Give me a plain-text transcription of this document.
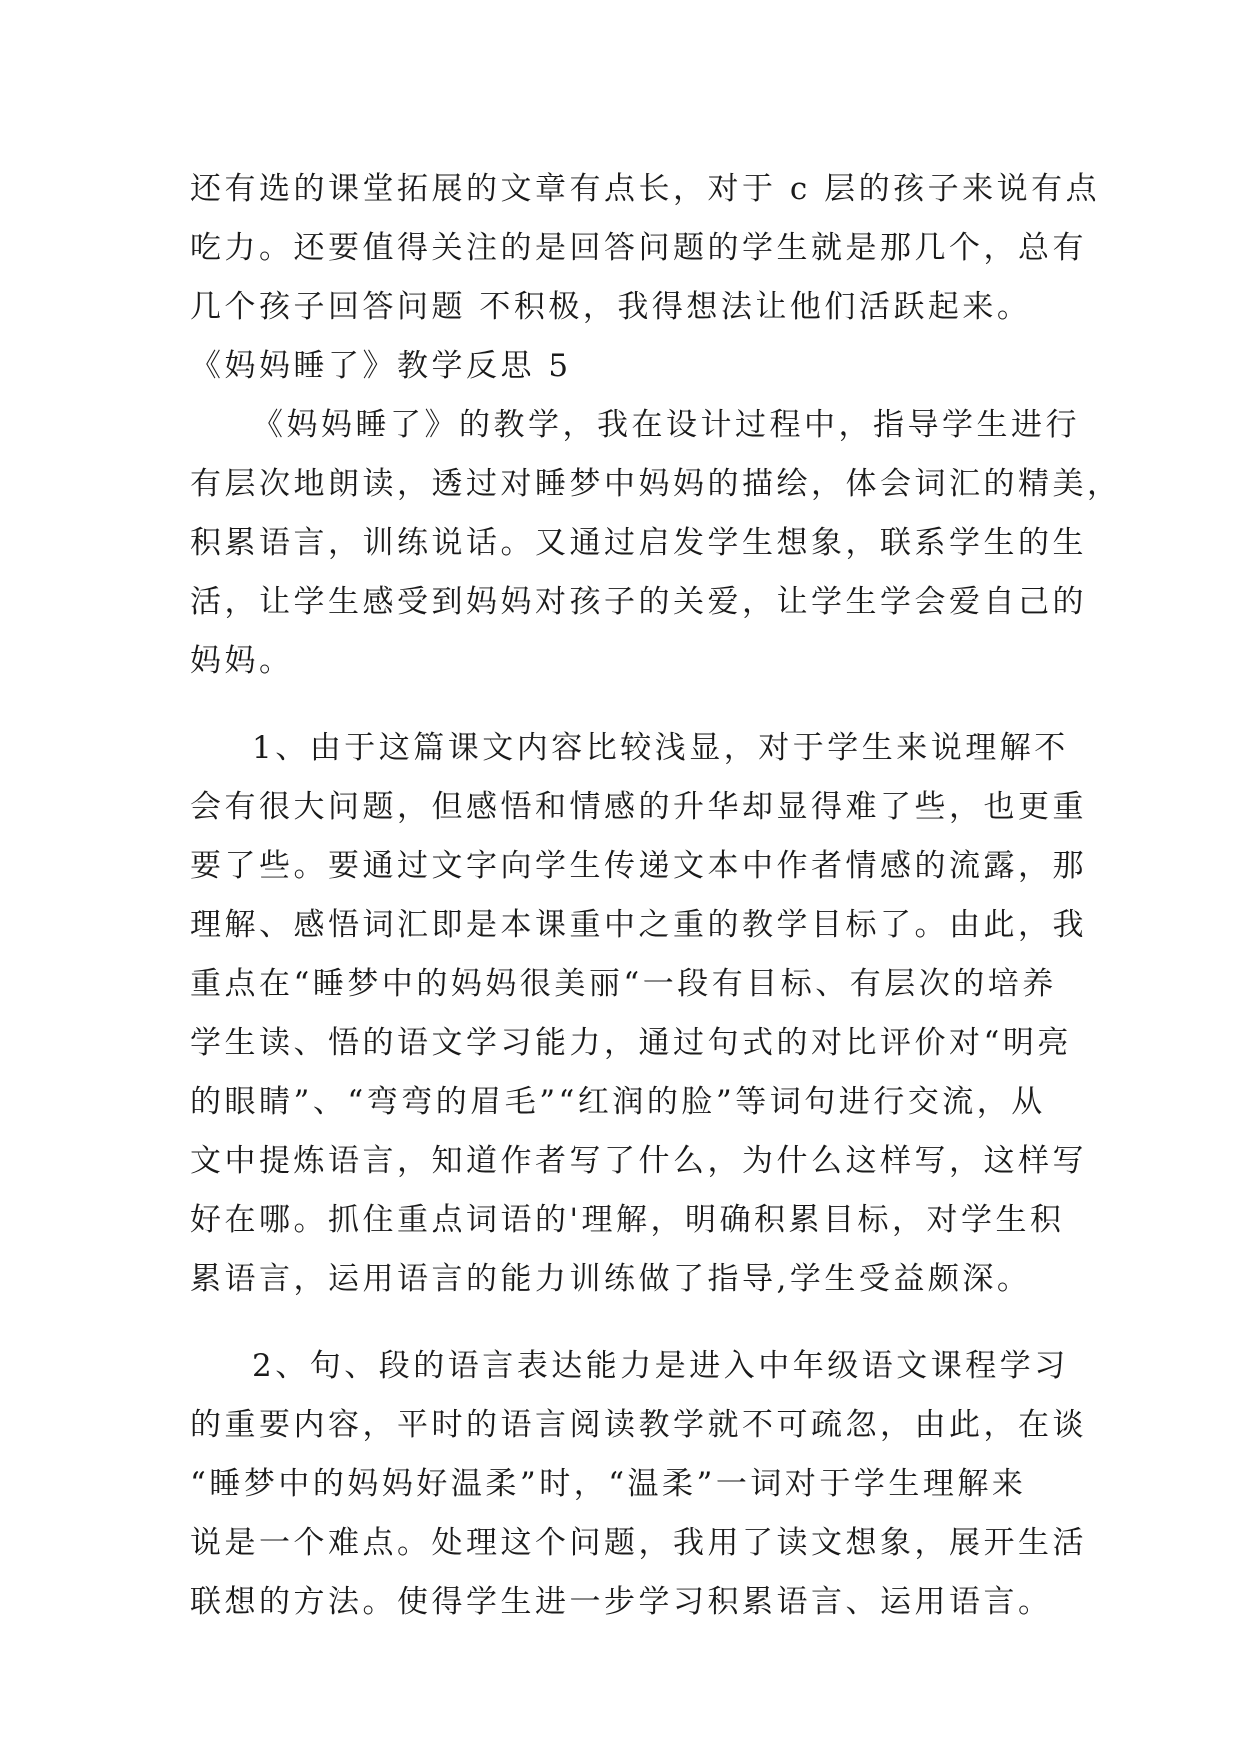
还有选的课堂拓展的文章有点长，对于 c 层的孩子来说有点
吃力。还要值得关注的是回答问题的学生就是那几个，总有
几个孩子回答问题 不积极，我得想法让他们活跃起来。
《妈妈睡了》教学反思 5
《妈妈睡了》的教学，我在设计过程中，指导学生进行
有层次地朗读，透过对睡梦中妈妈的描绘，体会词汇的精美，
积累语言，训练说话。又通过启发学生想象，联系学生的生
活，让学生感受到妈妈对孩子的关爱，让学生学会爱自己的
妈妈。
1、由于这篇课文内容比较浅显，对于学生来说理解不
会有很大问题，但感悟和情感的升华却显得难了些，也更重
要了些。要通过文字向学生传递文本中作者情感的流露，那
理解、感悟词汇即是本课重中之重的教学目标了。由此，我
重点在“睡梦中的妈妈很美丽“一段有目标、有层次的培养
学生读、悟的语文学习能力，通过句式的对比评价对“明亮
的眼睛”、“弯弯的眉毛”“红润的脸”等词句进行交流，从
文中提炼语言，知道作者写了什么，为什么这样写，这样写
好在哪。抓住重点词语的'理解，明确积累目标，对学生积
累语言，运用语言的能力训练做了指导,学生受益颇深。
2、句、段的语言表达能力是进入中年级语文课程学习
的重要内容，平时的语言阅读教学就不可疏忽，由此，在谈
“睡梦中的妈妈好温柔”时，“温柔”一词对于学生理解来
说是一个难点。处理这个问题，我用了读文想象，展开生活
联想的方法。使得学生进一步学习积累语言、运用语言。
